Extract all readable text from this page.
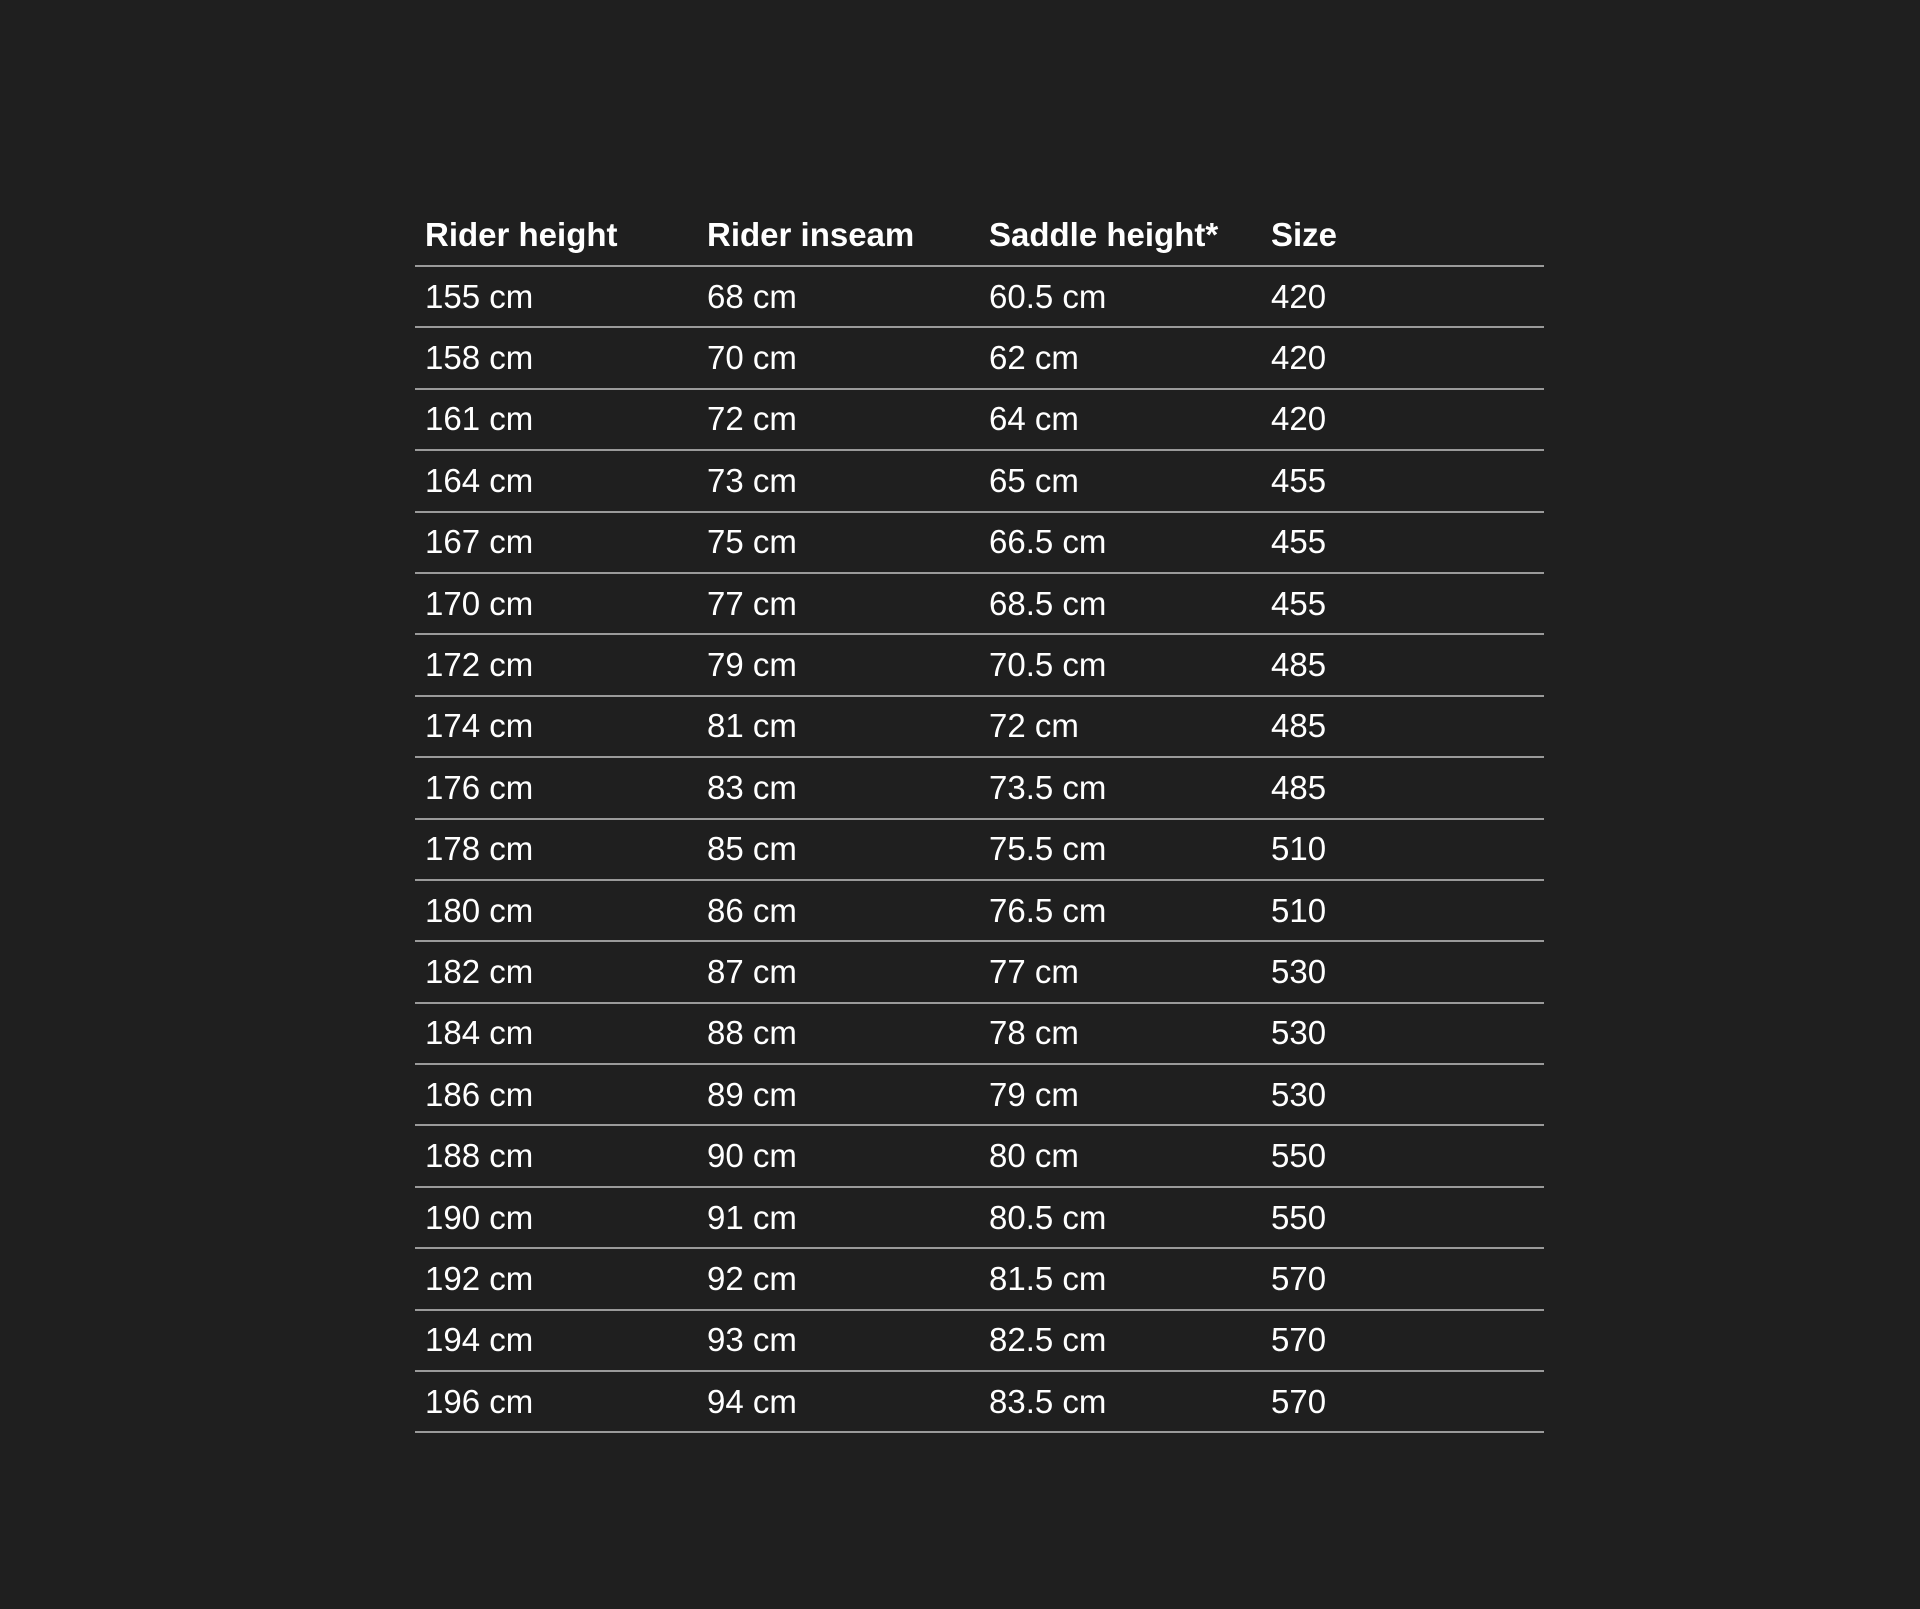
Rider height	Rider inseam	Saddle height*	Size
155 cm	68 cm	60.5 cm	420
158 cm	70 cm	62 cm	420
161 cm	72 cm	64 cm	420
164 cm	73 cm	65 cm	455
167 cm	75 cm	66.5 cm	455
170 cm	77 cm	68.5 cm	455
172 cm	79 cm	70.5 cm	485
174 cm	81 cm	72 cm	485
176 cm	83 cm	73.5 cm	485
178 cm	85 cm	75.5 cm	510
180 cm	86 cm	76.5 cm	510
182 cm	87 cm	77 cm	530
184 cm	88 cm	78 cm	530
186 cm	89 cm	79 cm	530
188 cm	90 cm	80 cm	550
190 cm	91 cm	80.5 cm	550
192 cm	92 cm	81.5 cm	570
194 cm	93 cm	82.5 cm	570
196 cm	94 cm	83.5 cm	570
